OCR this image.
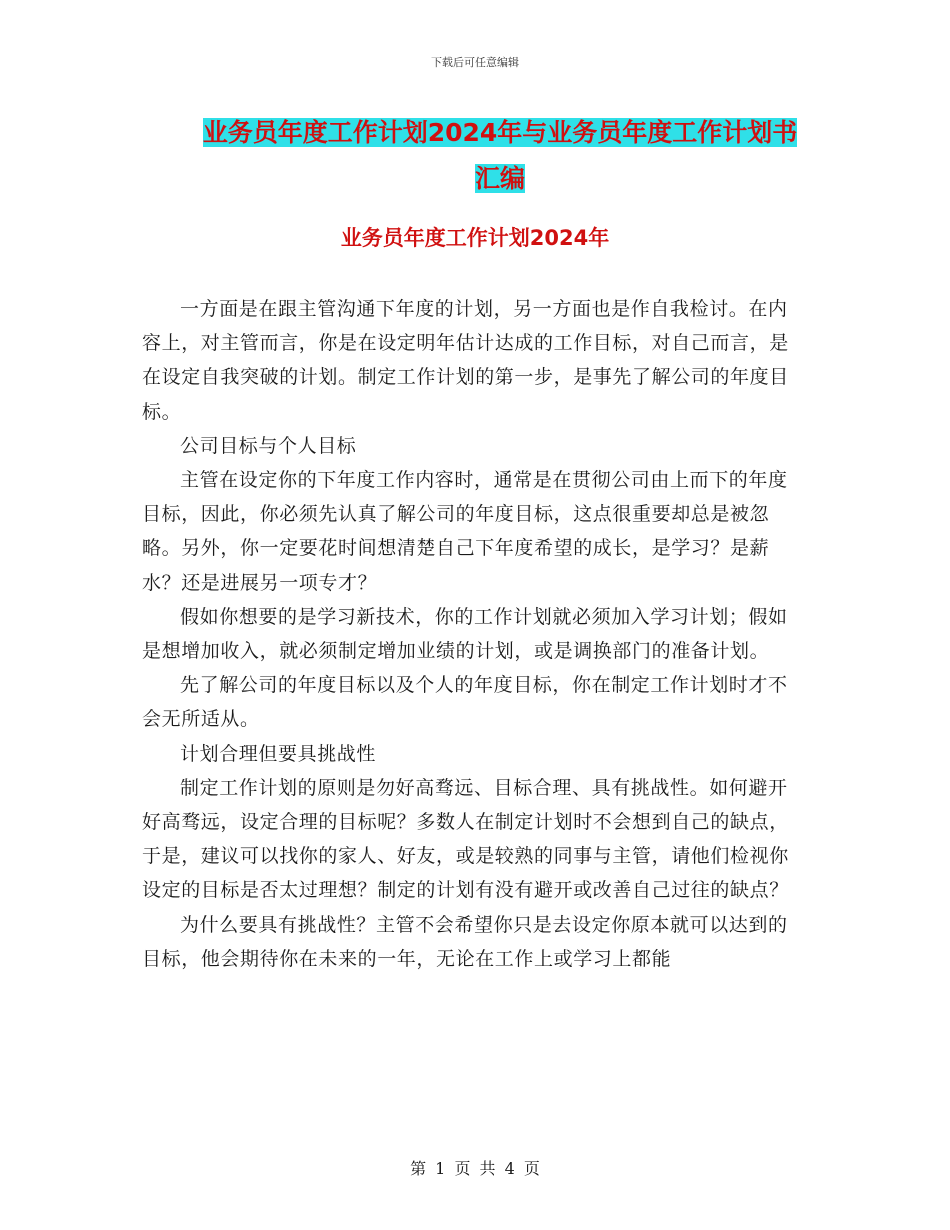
下载后可任意编辑
业务员年度工作计划2024年与业务员年度工作计划书
汇编
业务员年度工作计划2024年

一方面是在跟主管沟通下年度的计划，另一方面也是作自我检讨。在内容上，对主管而言，你是在设定明年估计达成的工作目标，对自己而言，是在设定自我突破的计划。制定工作计划的第一步，是事先了解公司的年度目标。

公司目标与个人目标

主管在设定你的下年度工作内容时，通常是在贯彻公司由上而下的年度目标，因此，你必须先认真了解公司的年度目标，这点很重要却总是被忽略。另外，你一定要花时间想清楚自己下年度希望的成长，是学习？是薪水？还是进展另一项专才？

假如你想要的是学习新技术，你的工作计划就必须加入学习计划；假如是想增加收入，就必须制定增加业绩的计划，或是调换部门的准备计划。

先了解公司的年度目标以及个人的年度目标，你在制定工作计划时才不会无所适从。

计划合理但要具挑战性

制定工作计划的原则是勿好高骛远、目标合理、具有挑战性。如何避开好高骛远，设定合理的目标呢？多数人在制定计划时不会想到自己的缺点，于是，建议可以找你的家人、好友，或是较熟的同事与主管，请他们检视你设定的目标是否太过理想？制定的计划有没有避开或改善自己过往的缺点？

为什么要具有挑战性？主管不会希望你只是去设定你原本就可以达到的目标，他会期待你在未来的一年，无论在工作上或学习上都能

第 1 页 共 4 页
